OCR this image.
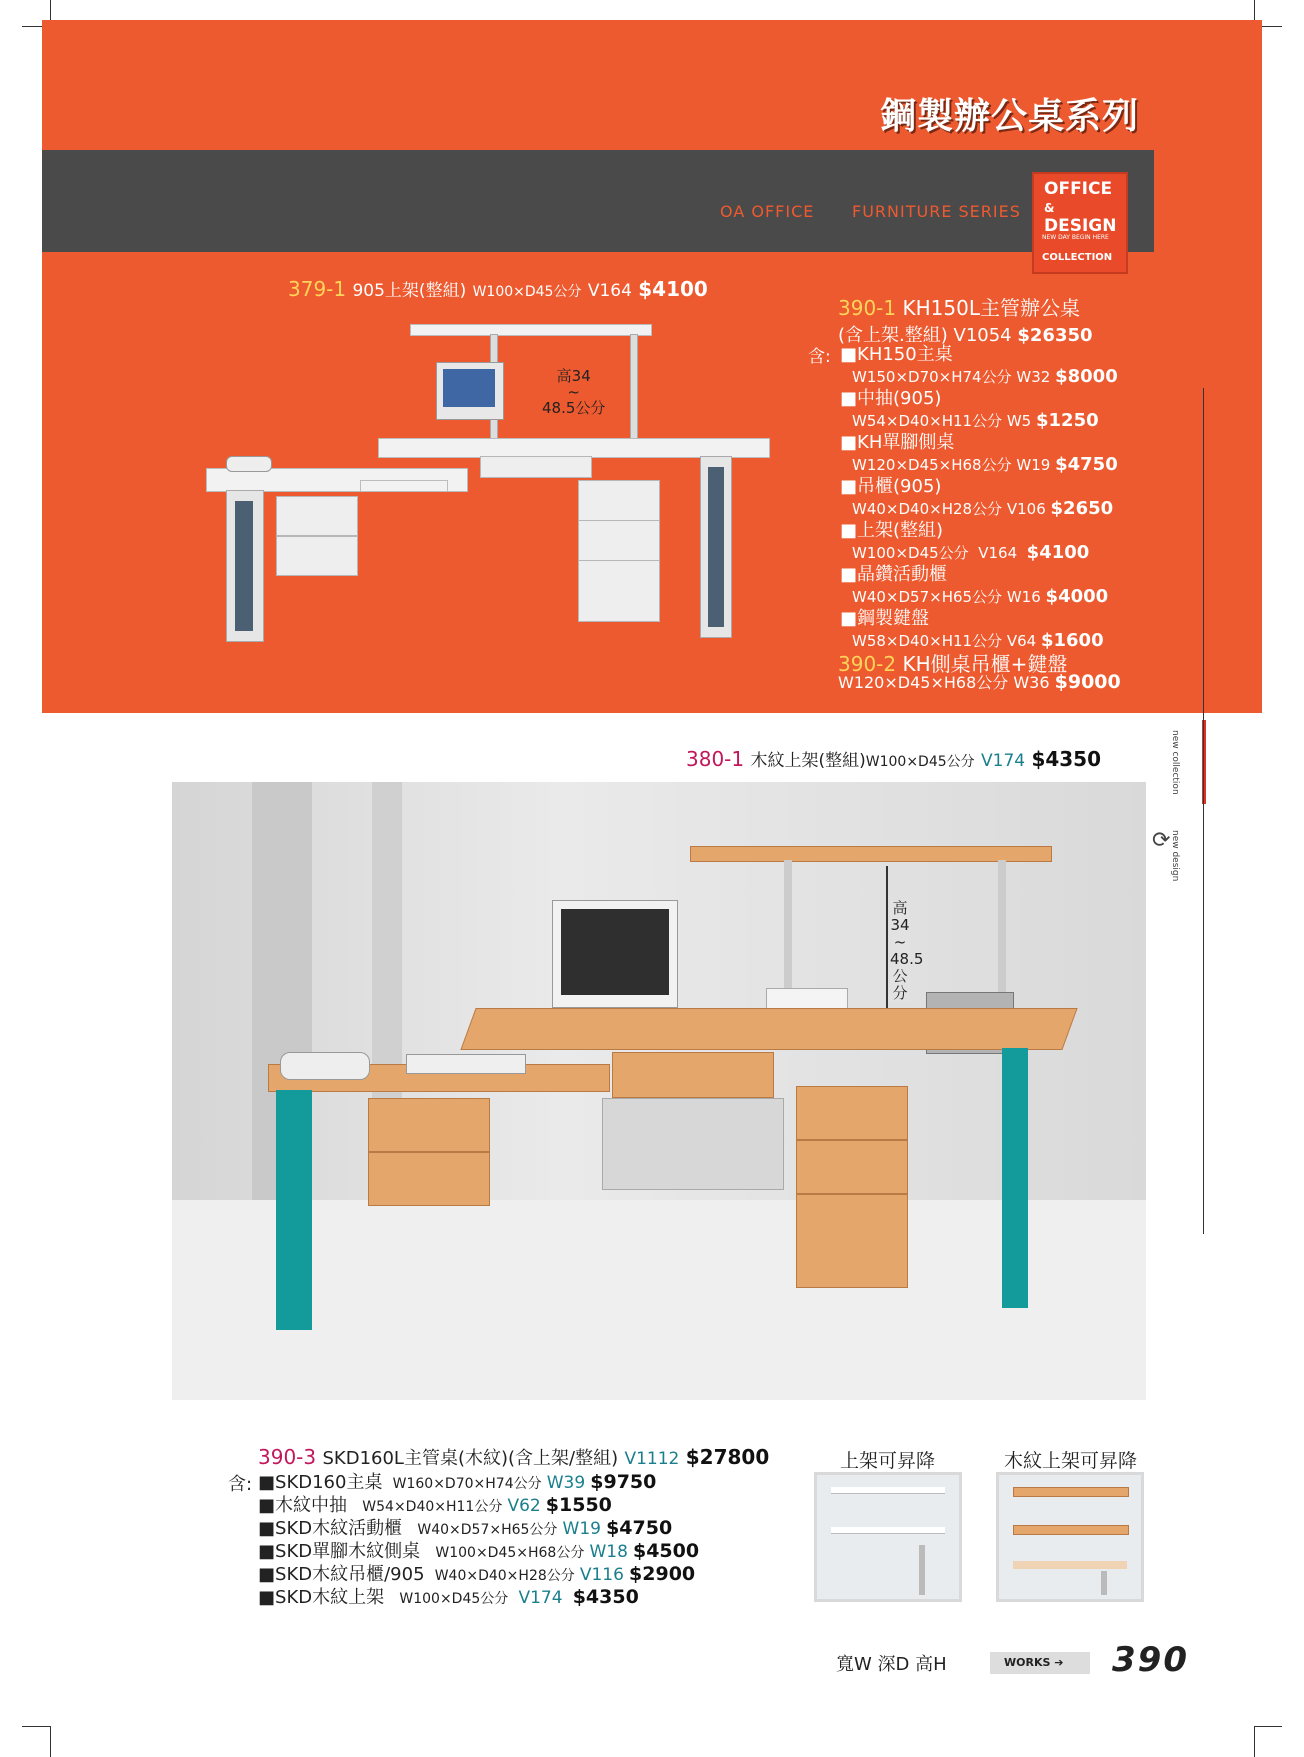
鋼製辦公桌系列
OA OFFICE FURNITURE SERIES
OFFICE
&
DESIGN
NEW DAY BEGIN HERE
COLLECTION
379-1 905上架(整組) W100×D45公分 V164 $4100
高34
~
48.5公分
390-1 KH150L主管辦公桌
(含上架.整組) V1054 $26350
含: ■KH150主桌
W150×D70×H74公分 W32 $8000
■中抽(905)
W54×D40×H11公分 W5 $1250
■KH單腳側桌
W120×D45×H68公分 W19 $4750
■吊櫃(905)
W40×D40×H28公分 V106 $2650
■上架(整組)
W100×D45公分 V164 $4100
■晶鑽活動櫃
W40×D57×H65公分 W16 $4000
■鋼製鍵盤
W58×D40×H11公分 V64 $1600
390-2 KH側桌吊櫃+鍵盤
W120×D45×H68公分 W36 $9000
380-1 木紋上架(整組)W100×D45公分 V174 $4350	new collection
new design
⟳
高
34
~
48.5
公
分
390-3 SKD160L主管桌(木紋)(含上架/整組) V1112 $27800
含: ■SKD160主桌 W160×D70×H74公分 W39 $9750
■木紋中抽 W54×D40×H11公分 V62 $1550
■SKD木紋活動櫃 W40×D57×H65公分 W19 $4750
■SKD單腳木紋側桌 W100×D45×H68公分 W18 $4500
■SKD木紋吊櫃/905 W40×D40×H28公分 V116 $2900
■SKD木紋上架 W100×D45公分 V174 $4350
上架可昇降	木紋上架可昇降
寬W 深D 高H	WORKS ➔	390
